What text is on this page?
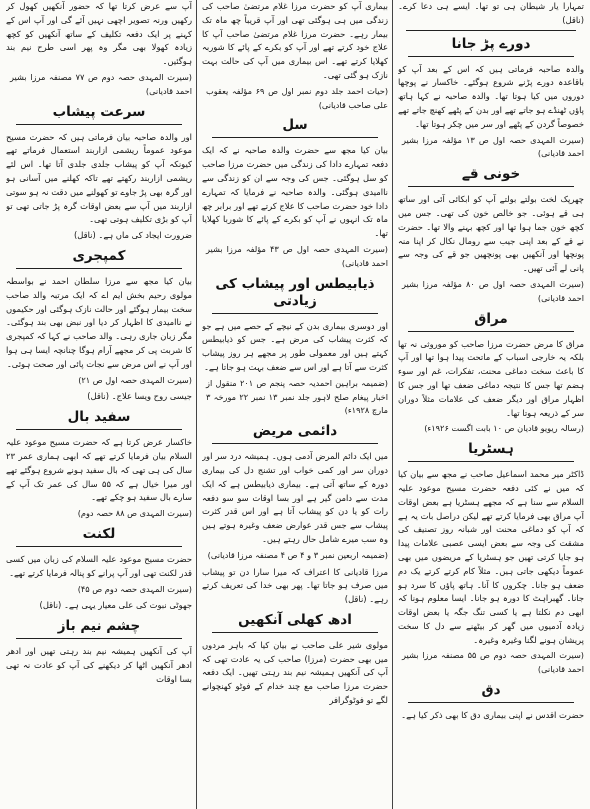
تمہارا یار شیطان ہی تو تھا۔ ایسے ہی دعا کرے۔ (ناقل)

دورے پڑ جانا

والدہ صاحبہ فرماتی ہیں کہ اس کے بعد آپ کو باقاعدہ دورے پڑنے شروع ہوگئے۔ خاکسار نے پوچھا دوروں میں کیا ہوتا تھا۔ والدہ صاحبہ نے کہا ہاتھ پاؤں ٹھنڈے ہو جاتے تھے اور بدن کے پٹھے کھنچ جاتے تھے خصوصاً گردن کے پٹھے اور سر میں چکر ہوتا تھا۔

(سیرت المہدی حصہ اول ص ۱۳ مؤلفہ مرزا بشیر احمد قادیانی)

خونی قے

چھرپک لخت بولتے بولتے آپ کو ابکائی آئی اور ساتھ ہی قے ہوئی۔ جو خالص خون کی تھی۔ جس میں کچھ خون جما ہوا تھا اور کچھ بہنے والا تھا۔ حضرت نے قے کے بعد اپنی جیب سے رومال نکال کر اپنا منہ پونچھا اور آنکھیں بھی پونچھیں جو قے کی وجہ سے پانی لے آئی تھیں۔

(سیرت المہدی حصہ اول ص ۸۰ مؤلفہ مرزا بشیر احمد قادیانی)

مراق

مراق کا مرض حضرت مرزا صاحب کو موروثی نہ تھا بلکہ یہ خارجی اسباب کے ماتحت پیدا ہوا تھا اور آپ کا باعث سخت دماغی محنت، تفکرات، غم اور سوء ہضم تھا جس کا نتیجہ دماغی ضعف تھا اور جس کا اظہار مراق اور دیگر ضعف کی علامات مثلاً دوران سر کے ذریعہ ہوتا تھا۔

(رسالہ ریویو قادیان ص ۱۰ بابت اگست ۱۹۲۶ء)

ہسٹریا

ڈاکٹر میر محمد اسماعیل صاحب نے مجھ سے بیان کیا کہ میں نے کئی دفعہ حضرت مسیح موعود علیہ السلام سے سنا ہے کہ مجھے ہسٹریا ہے بعض اوقات آپ مراق بھی فرمایا کرتے تھے لیکن دراصل بات یہ ہے کہ آپ کو دماغی محنت اور شبانہ روز تصنیف کی مشقت کی وجہ سے بعض ایسی عصبی علامات پیدا ہو جایا کرتی تھیں جو ہسٹریا کے مریضوں میں بھی عموماً دیکھی جاتی ہیں۔ مثلاً کام کرتے کرتے یک دم ضعف ہو جانا۔ چکروں کا آنا۔ ہاتھ پاؤں کا سرد ہو جانا۔ گھبراہٹ کا دورہ ہو جانا۔ ایسا معلوم ہونا کہ ابھی دم نکلتا ہے یا کسی تنگ جگہ یا بعض اوقات زیادہ آدمیوں میں گھر کر بیٹھنے سے دل کا سخت پریشان ہونے لگنا وغیرہ وغیرہ۔

(سیرت المہدی حصہ دوم ص ۵۵ مصنفہ مرزا بشیر احمد قادیانی)

دق

حضرت اقدس نے اپنی بیماری دق کا بھی ذکر کیا ہے۔

بیماری آپ کو حضرت مرزا غلام مرتضیٰ صاحب کی زندگی میں ہی ہوگئی تھی اور آپ قریباً چھ ماہ تک بیمار رہے۔ حضرت مرزا غلام مرتضیٰ صاحب آپ کا علاج خود کرتے تھے اور آپ کو بکرے کے پائے کا شوربہ کھلایا کرتے تھے۔ اس بیماری میں آپ کی حالت بہت نازک ہو گئی تھی۔

(حیات احمد جلد دوم نمبر اول ص ۶۹ مؤلفہ یعقوب علی صاحب قادیانی)

سل

بیان کیا مجھ سے حضرت والدہ صاحبہ نے کہ ایک دفعہ تمہارے دادا کی زندگی میں حضرت مرزا صاحب کو سل ہوگئی۔ جس کی وجہ سے ان کو زندگی سے ناامیدی ہوگئی۔ والدہ صاحبہ نے فرمایا کہ تمہارے دادا خود حضرت صاحب کا علاج کرتے تھے اور برابر چھ ماہ تک انہوں نے آپ کو بکرے کے پائے کا شوربا کھلایا تھا۔

(سیرت المہدی حصہ اول ص ۴۳ مؤلفہ مرزا بشیر احمد قادیانی)

ذیابیطس اور پیشاب کی زیادتی

اور دوسری بیماری بدن کے نیچے کے حصے میں ہے جو کہ کثرت پیشاب کی مرض ہے۔ جس کو ذیابیطس کہتے ہیں اور معمولی طور پر مجھے ہر روز پیشاب کثرت سے آتا ہے اور اس سے ضعف بہت ہو جاتا ہے۔

(ضمیمہ براہین احمدیہ حصہ پنجم ص ۲۰۱ منقول از اخبار پیغام صلح لاہور جلد نمبر ۱۳ نمبر ۲۲ مورخہ ۳ مارچ ۱۹۲۸ء)

دائمی مریض

میں ایک دائم المرض آدمی ہوں۔ ہمیشہ درد سر اور دوران سر اور کمی خواب اور تشنج دل کی بیماری دورہ کے ساتھ آتی ہے۔ بیماری ذیابیطس ہے کہ ایک مدت سے دامن گیر ہے اور بسا اوقات سو سو دفعہ رات کو یا دن کو پیشاب آتا ہے اور اس قدر کثرت پیشاب سے جس قدر عوارض ضعف وغیرہ ہوتے ہیں وہ سب میرے شامل حال رہتے ہیں۔

(ضمیمہ اربعین نمبر ۳ و ۴ ص ۴ مصنفہ مرزا قادیانی)

مرزا قادیانی کا اعتراف کہ میرا سارا دن تو پیشاب میں صرف ہو جاتا تھا۔ پھر بھی خدا کی تعریف کرتے رہے۔ (ناقل)

ادھ کھلی آنکھیں

مولوی شیر علی صاحب نے بیان کیا کہ باہر مردوں میں بھی حضرت (مرزا) صاحب کی یہ عادت تھی کہ آپ کی آنکھیں ہمیشہ نیم بند رہتی تھیں۔ ایک دفعہ حضرت مرزا صاحب مع چند خدام کے فوٹو کھنچوانے لگے تو فوٹوگرافر

آپ سے عرض کرتا تھا کہ حضور آنکھیں کھول کر رکھیں ورنہ تصویر اچھی نہیں آئے گی اور آپ اس کے کہنے پر ایک دفعہ تکلیف کے ساتھ آنکھیں کو کچھ زیادہ کھولا بھی مگر وہ پھر اسی طرح نیم بند ہوگئیں۔

(سیرت المہدی حصہ دوم ص ۷۷ مصنفہ مرزا بشیر احمد قادیانی)

سرعت پیشاب

اور والدہ صاحبہ بیان فرماتی ہیں کہ حضرت مسیح موعود عموماً ریشمی ازاربند استعمال فرماتے تھے کیونکہ آپ کو پیشاب جلدی جلدی آتا تھا۔ اس لئے ریشمی ازاربند رکھتے تھے تاکہ کھلنے میں آسانی ہو اور گرہ بھی پڑ جاوے تو کھولنے میں دقت نہ ہو سوتی ازاربند میں آپ سے بعض اوقات گرہ پڑ جاتی تھی تو آپ کو بڑی تکلیف ہوتی تھی۔

ضرورت ایجاد کی ماں ہے۔ (ناقل)

کمپجری

بیان کیا مجھ سے مرزا سلطان احمد نے بواسطہ مولوی رحیم بخش ایم اے کہ ایک مرتبہ والد صاحب سخت بیمار ہوگئے اور حالت نازک ہوگئی اور حکیموں نے ناامیدی کا اظہار کر دیا اور نبض بھی بند ہوگئی۔ مگر زبان جاری رہی۔ والد صاحب نے کہا کہ کمپجری کا شربت پی کر مجھے آرام ہوگا چنانچہ ایسا ہی ہوا اور آپ نے اس مرض سے نجات پائی اور صحت ہوئی۔

(سیرت المہدی حصہ اول ص ۲۱)

جیسی روح ویسا علاج۔ (ناقل)

سفید بال

خاکسار عرض کرتا ہے کہ حضرت مسیح موعود علیہ السلام بیان فرمایا کرتے تھے کہ ابھی ہماری عمر ۲۳ سال کی ہی تھی کہ بال سفید ہونے شروع ہوگئے تھے اور میرا خیال ہے کہ ۵۵ سال کی عمر تک آپ کے سارے بال سفید ہو چکے تھے۔

(سیرت المہدی ص ۸۸ حصہ دوم)

لکنت

حضرت مسیح موعود علیہ السلام کی زبان میں کسی قدر لکنت تھی اور آپ پرانے کو پنالہ فرمایا کرتے تھے۔

(سیرت المہدی حصہ دوم ص ۴۵)

جھوٹی نبوت کی علی معیار یہی ہے۔ (ناقل)

چشم نیم باز

آپ کی آنکھیں ہمیشہ نیم بند رہتی تھیں اور ادھر ادھر آنکھیں اٹھا کر دیکھنے کی آپ کو عادت نہ تھی بسا اوقات
